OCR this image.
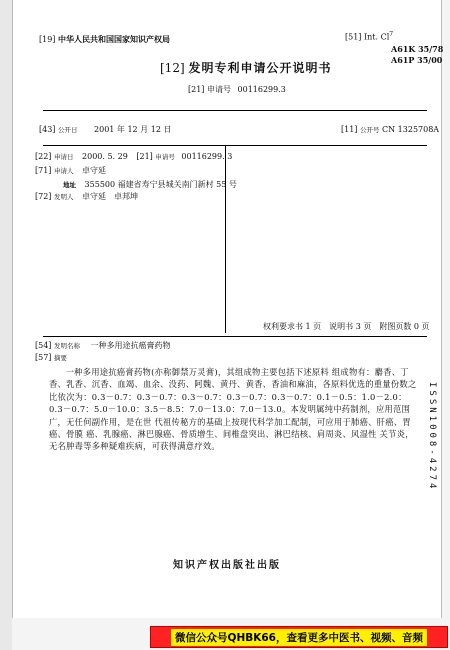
[19] 中华人民共和国国家知识产权局	[51] Int. Cl$^7$
A61K 35/78
A61P 35/00
[12] 发明专利申请公开说明书
[21] 申请号 00116299.3
[43] 公开日 2001 年 12 月 12 日	[11] 公开号 CN 1325708A
[22] 申请日 2000. 5. 29 [21] 申请号 00116299. 3
[71] 申请人 卓守延
地址 355500 福建省寿宁县城关南门新村 55 号
[72] 发明人 卓守延　卓邦坤
权利要求书 1 页　说明书 3 页　附图页数 0 页
[54] 发明名称 一种多用途抗癌膏药物
[57] 摘要

一种多用途抗癌膏药物(亦称御禁万灵膏)，其组成物主要包括下述原料 组成物有：麝香、丁香、乳香、沉香、血竭、血余、没药、阿魏、黄丹、黄香、香油和麻油，各原料优选的重量份数之比依次为：0.3－0.7：0.3－0.7：0.3－0.7：0.3－0.7：0.3－0.7：0.1－0.5：1.0－2.0：0.3－0.7：5.0－10.0：3.5－8.5：7.0－13.0：7.0－13.0。本发明属纯中药制剂，应用范围广，无任何副作用，是在世 代祖传秘方的基础上按现代科学加工配制，可应用于肺癌、肝癌、胃癌、骨膜 癌、乳腺癌、淋巴腺癌、骨质增生、间椎盘突出、淋巴结核、肩周炎、风湿性 关节炎，无名肿毒等多种疑难疾病，可获得满意疗效。	ISSN1008-4274
知识产权出版社出版
微信公众号QHBK66，查看更多中医书、视频、音频
